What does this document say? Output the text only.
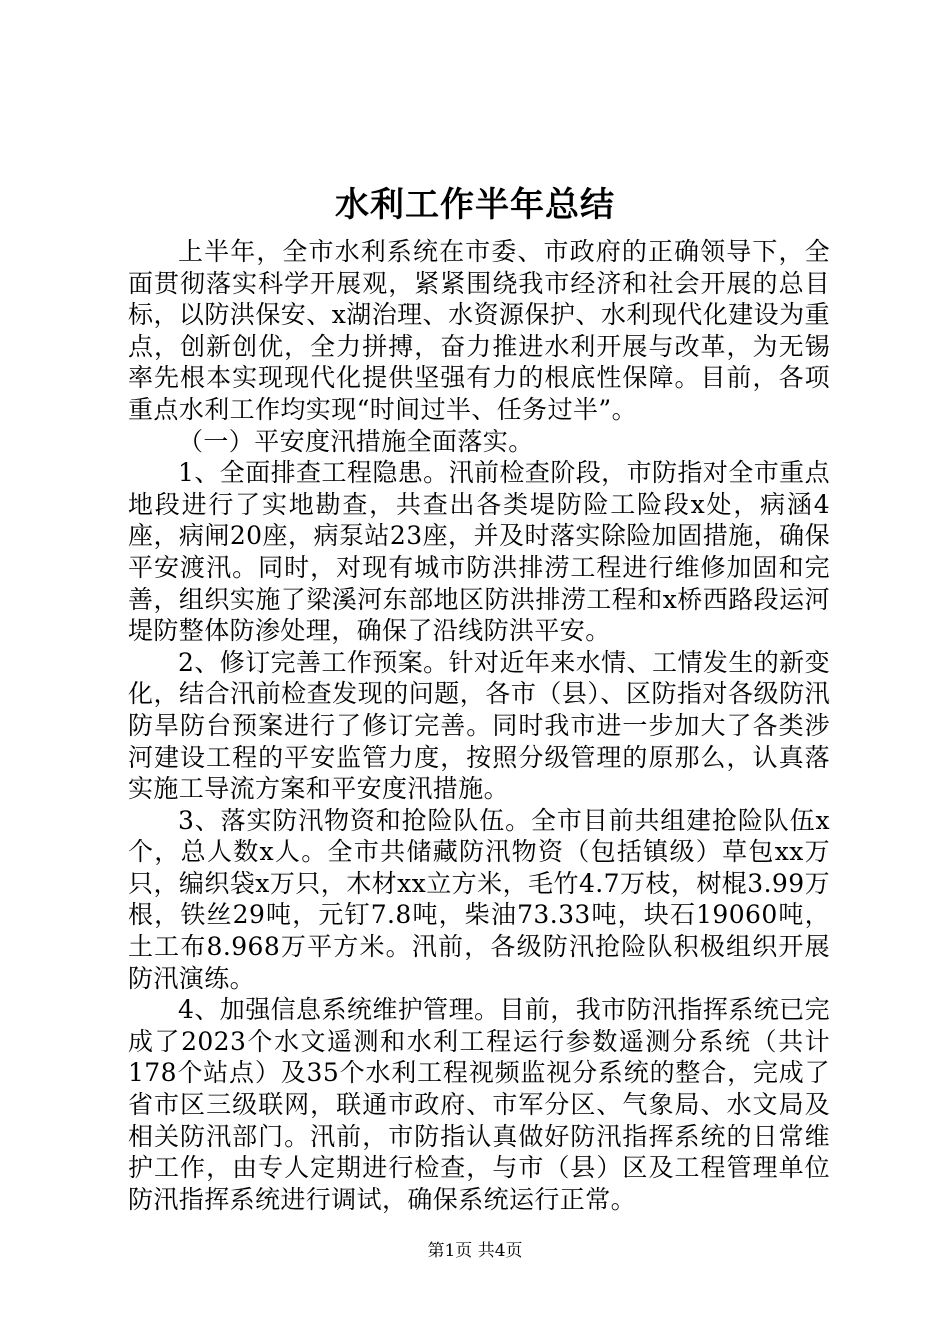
水利工作半年总结

上半年，全市水利系统在市委、市政府的正确领导下，全面贯彻落实科学开展观，紧紧围绕我市经济和社会开展的总目标，以防洪保安、x湖治理、水资源保护、水利现代化建设为重点，创新创优，全力拼搏，奋力推进水利开展与改革，为无锡率先根本实现现代化提供坚强有力的根底性保障。目前，各项重点水利工作均实现“时间过半、任务过半”。

（一）平安度汛措施全面落实。

1、全面排查工程隐患。汛前检查阶段，市防指对全市重点地段进行了实地勘查，共查出各类堤防险工险段x处，病涵4座，病闸20座，病泵站23座，并及时落实除险加固措施，确保平安渡汛。同时，对现有城市防洪排涝工程进行维修加固和完善，组织实施了梁溪河东部地区防洪排涝工程和x桥西路段运河堤防整体防渗处理，确保了沿线防洪平安。

2、修订完善工作预案。针对近年来水情、工情发生的新变化，结合汛前检查发现的问题，各市（县）、区防指对各级防汛防旱防台预案进行了修订完善。同时我市进一步加大了各类涉河建设工程的平安监管力度，按照分级管理的原那么，认真落实施工导流方案和平安度汛措施。

3、落实防汛物资和抢险队伍。全市目前共组建抢险队伍x个，总人数x人。全市共储藏防汛物资（包括镇级）草包xx万只，编织袋x万只，木材xx立方米，毛竹4.7万枝，树棍3.99万根，铁丝29吨，元钉7.8吨，柴油73.33吨，块石19060吨，土工布8.968万平方米。汛前，各级防汛抢险队积极组织开展防汛演练。

4、加强信息系统维护管理。目前，我市防汛指挥系统已完成了2023个水文遥测和水利工程运行参数遥测分系统（共计178个站点）及35个水利工程视频监视分系统的整合，完成了省市区三级联网，联通市政府、市军分区、气象局、水文局及相关防汛部门。汛前，市防指认真做好防汛指挥系统的日常维护工作，由专人定期进行检查，与市（县）区及工程管理单位防汛指挥系统进行调试，确保系统运行正常。

第1页 共4页
